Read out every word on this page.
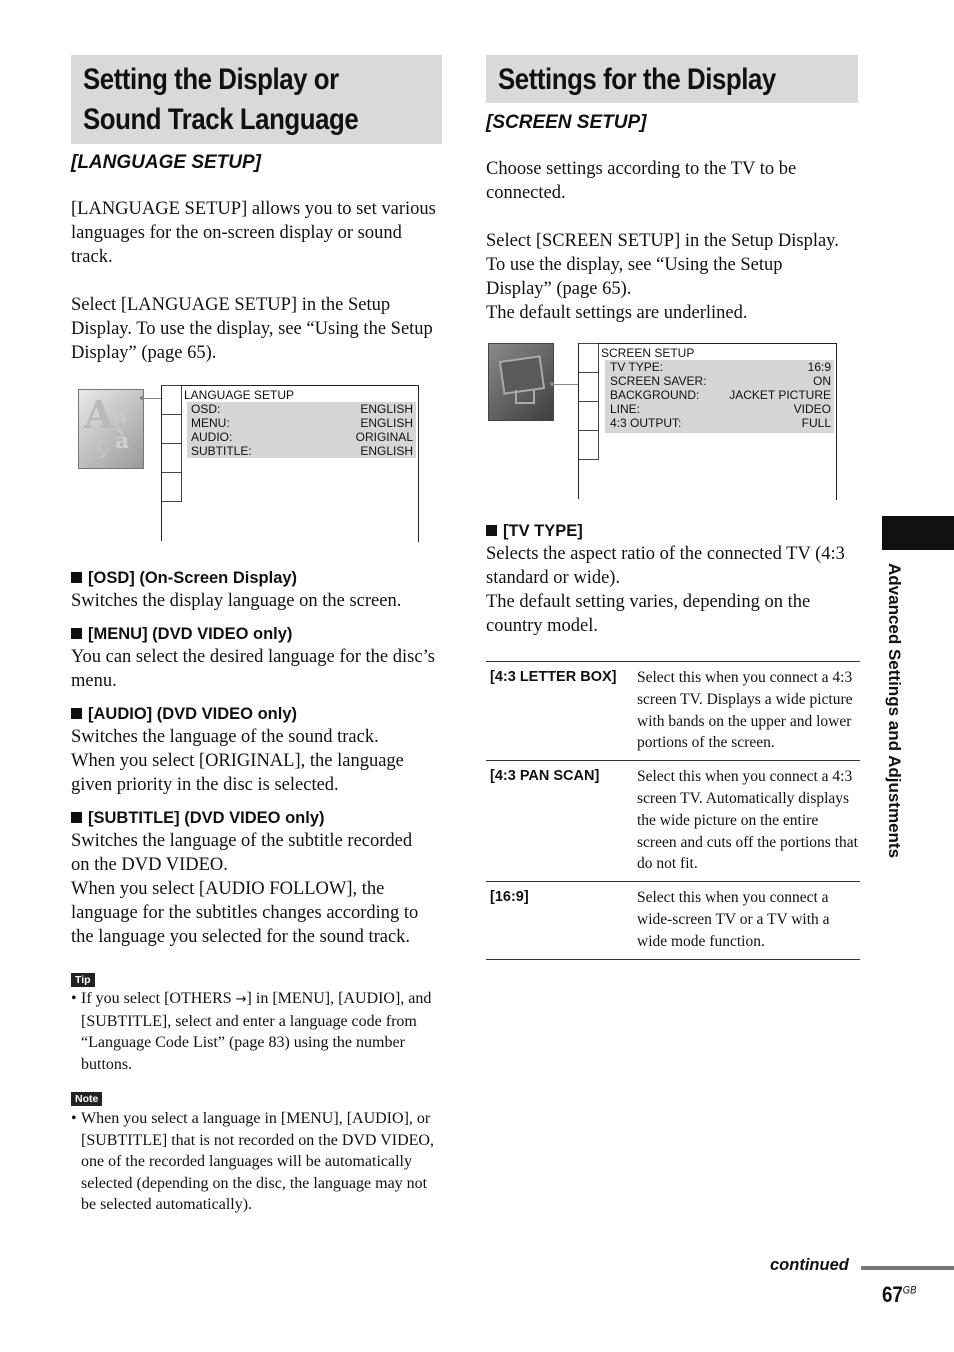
Setting the Display or
Sound Track Language
[LANGUAGE SETUP]

[LANGUAGE SETUP] allows you to set various languages for the on-screen display or sound track.

Select [LANGUAGE SETUP] in the Setup Display. To use the display, see “Using the Setup Display” (page 65).

A ä
ç à
LANGUAGE SETUP
OSD:	ENGLISH
MENU:	ENGLISH
AUDIO:	ORIGINAL
SUBTITLE:	ENGLISH
[OSD] (On-Screen Display)
Switches the display language on the screen.
[MENU] (DVD VIDEO only)
You can select the desired language for the disc’s menu.
[AUDIO] (DVD VIDEO only)
Switches the language of the sound track.
When you select [ORIGINAL], the language given priority in the disc is selected.
[SUBTITLE] (DVD VIDEO only)
Switches the language of the subtitle recorded on the DVD VIDEO.
When you select [AUDIO FOLLOW], the language for the subtitles changes according to the language you selected for the sound track.
Tip
• If you select [OTHERS →] in [MENU], [AUDIO], and [SUBTITLE], select and enter a language code from “Language Code List” (page 83) using the number buttons.
Note
• When you select a language in [MENU], [AUDIO], or [SUBTITLE] that is not recorded on the DVD VIDEO, one of the recorded languages will be automatically selected (depending on the disc, the language may not be selected automatically).
Settings for the Display
[SCREEN SETUP]

Choose settings according to the TV to be connected.

Select [SCREEN SETUP] in the Setup Display.

To use the display, see “Using the Setup Display” (page 65).

The default settings are underlined.

SCREEN SETUP
TV TYPE:	16:9
SCREEN SAVER:	ON
BACKGROUND: JACKET PICTURE
LINE:	VIDEO
4:3 OUTPUT:	FULL
[TV TYPE]
Selects the aspect ratio of the connected TV (4:3 standard or wide).
The default setting varies, depending on the country model.
[4:3 LETTER BOX]	Select this when you connect a 4:3 screen TV. Displays a wide picture with bands on the upper and lower portions of the screen.
[4:3 PAN SCAN]	Select this when you connect a 4:3 screen TV. Automatically displays the wide picture on the entire screen and cuts off the portions that do not fit.
[16:9]	Select this when you connect a wide-screen TV or a TV with a wide mode function.
Advanced Settings and Adjustments
continued
$67^{GB}$
